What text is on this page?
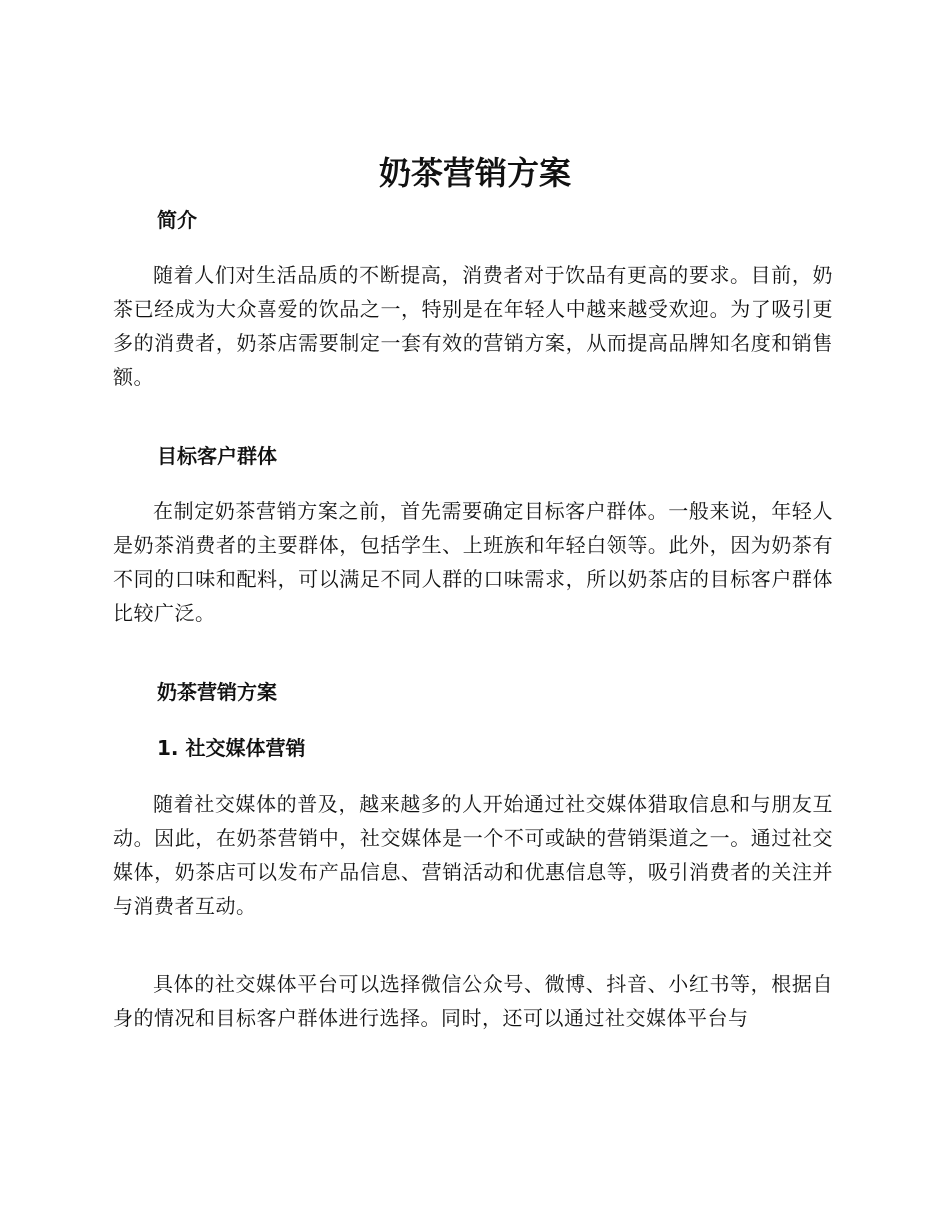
奶茶营销方案
简介

随着人们对生活品质的不断提高，消费者对于饮品有更高的要求。目前，奶茶已经成为大众喜爱的饮品之一，特别是在年轻人中越来越受欢迎。为了吸引更多的消费者，奶茶店需要制定一套有效的营销方案，从而提高品牌知名度和销售额。

目标客户群体

在制定奶茶营销方案之前，首先需要确定目标客户群体。一般来说，年轻人是奶茶消费者的主要群体，包括学生、上班族和年轻白领等。此外，因为奶茶有不同的口味和配料，可以满足不同人群的口味需求，所以奶茶店的目标客户群体比较广泛。

奶茶营销方案
1. 社交媒体营销

随着社交媒体的普及，越来越多的人开始通过社交媒体猎取信息和与朋友互动。因此，在奶茶营销中，社交媒体是一个不可或缺的营销渠道之一。通过社交媒体，奶茶店可以发布产品信息、营销活动和优惠信息等，吸引消费者的关注并与消费者互动。

具体的社交媒体平台可以选择微信公众号、微博、抖音、小红书等，根据自身的情况和目标客户群体进行选择。同时，还可以通过社交媒体平台与
